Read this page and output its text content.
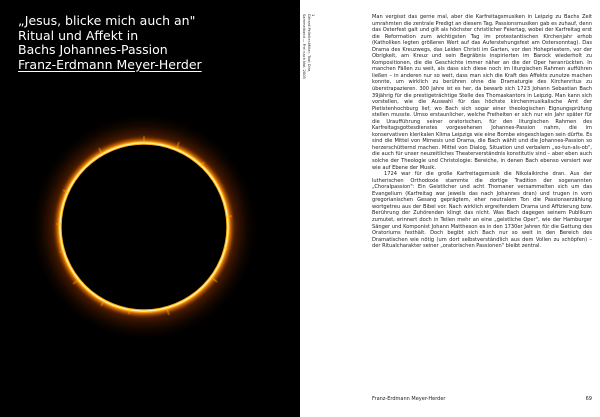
„Jesus, blicke mich auch an"
Ritual und Affekt in
Bachs Johannes-Passion
Franz-Erdmann Meyer-Herder
1
Gérard Pelletier-Miller, Tout Dire,
Sammelband — Frei nach Nat. 2005	Man vergisst das gerne mal, aber die Karfreitagsmusiken in Leipzig zu Bachs Zeit umrahmten die zentrale Predigt an diesem Tag. Passionsmusiken gab es zuhauf, denn das Osterfest galt und gilt als höchster christlicher Feiertag, wobei der Karfreitag erst die Reformation zum wichtigsten Tag im protestantischen Kirchenjahr erhob (Katholiken legten größeren Wert auf das Auferstehungsfest am Ostersonntag). Das Drama des Kreuzwegs, das Leiden Christi im Garten, vor den Hohepriestern, vor der Obrigkeit, am Kreuz und sein Begräbnis inspirierten im Barock wiederholt zu Kompositionen, die die Geschichte immer näher an die der Oper heranrückten. In manchen Fällen zu weit, als dass sich diese noch im liturgischen Rahmen aufführen ließen – in anderen nur so weit, dass man sich die Kraft des Affekts zunutze machen konnte, um wirklich zu berühren ohne die Dramaturgie des Kirchenritus zu überstrapazieren. 300 Jahre ist es her, da bewarb sich 1723 Johann Sebastian Bach 39jährig für die prestigeträchtige Stelle des Thomaskantors in Leipzig. Man kann sich vorstellen, wie die Auswahl für das höchste kirchenmusikalische Amt der Pietistenhochburg lief, wo Bach sich sogar einer theologischen Eignungsprüfung stellen musste. Umso erstaunlicher, welche Freiheiten er sich nur ein Jahr später für die Uraufführung seiner oratorischen, für den liturgischen Rahmen des Karfreitagsgottesdienstes vorgesehenen Johannes-Passion nahm, die im konservativen klerikalen Klima Leipzigs wie eine Bombe eingeschlagen sein dürfte. Es sind die Mittel von Mimesis und Drama, die Bach wählt und die Johannes-Passion so herzerschütternd machen. Mittel von Dialog, Situation und verbalem „so-tun-als-ob", die auch für unser neuzeitliches Theaterverständnis konstitutiv sind – aber eben auch solche der Theologie und Christologie: Bereiche, in denen Bach ebenso versiert war wie auf Ebene der Musik.

1724 war für die große Karfreitagsmusik die Nikolaikirche dran. Aus der lutherischen Orthodoxie stammte die dortige Tradition der sogenannten „Choralpassion": Ein Geistlicher und acht Thomaner versammelten sich um das Evangelium (Karfreitag war jeweils das nach Johannes dran) und trugen in vom gregorianischen Gesang geprägtem, eher neutralem Ton die Passionserzählung wortgetreu aus der Bibel vor. Nach wirklich ergreifendem Drama und Affizierung bzw. Berührung der Zuhörenden klingt das nicht. Was Bach dagegen seinem Publikum zumutet, erinnert doch in Teilen mehr an eine „geistliche Oper", wie der Hamburger Sänger und Komponist Johann Mattheson es in den 1730er Jahren für die Gattung des Oratoriums festhält. Doch begibt sich Bach nur so weit in den Bereich des Dramatischen wie nötig (um dort selbstverständlich aus dem Vollen zu schöpfen) – der Ritualcharakter seiner „oratorischen Passionen" bleibt zentral.

Franz-Erdmann Meyer-Herder	69
